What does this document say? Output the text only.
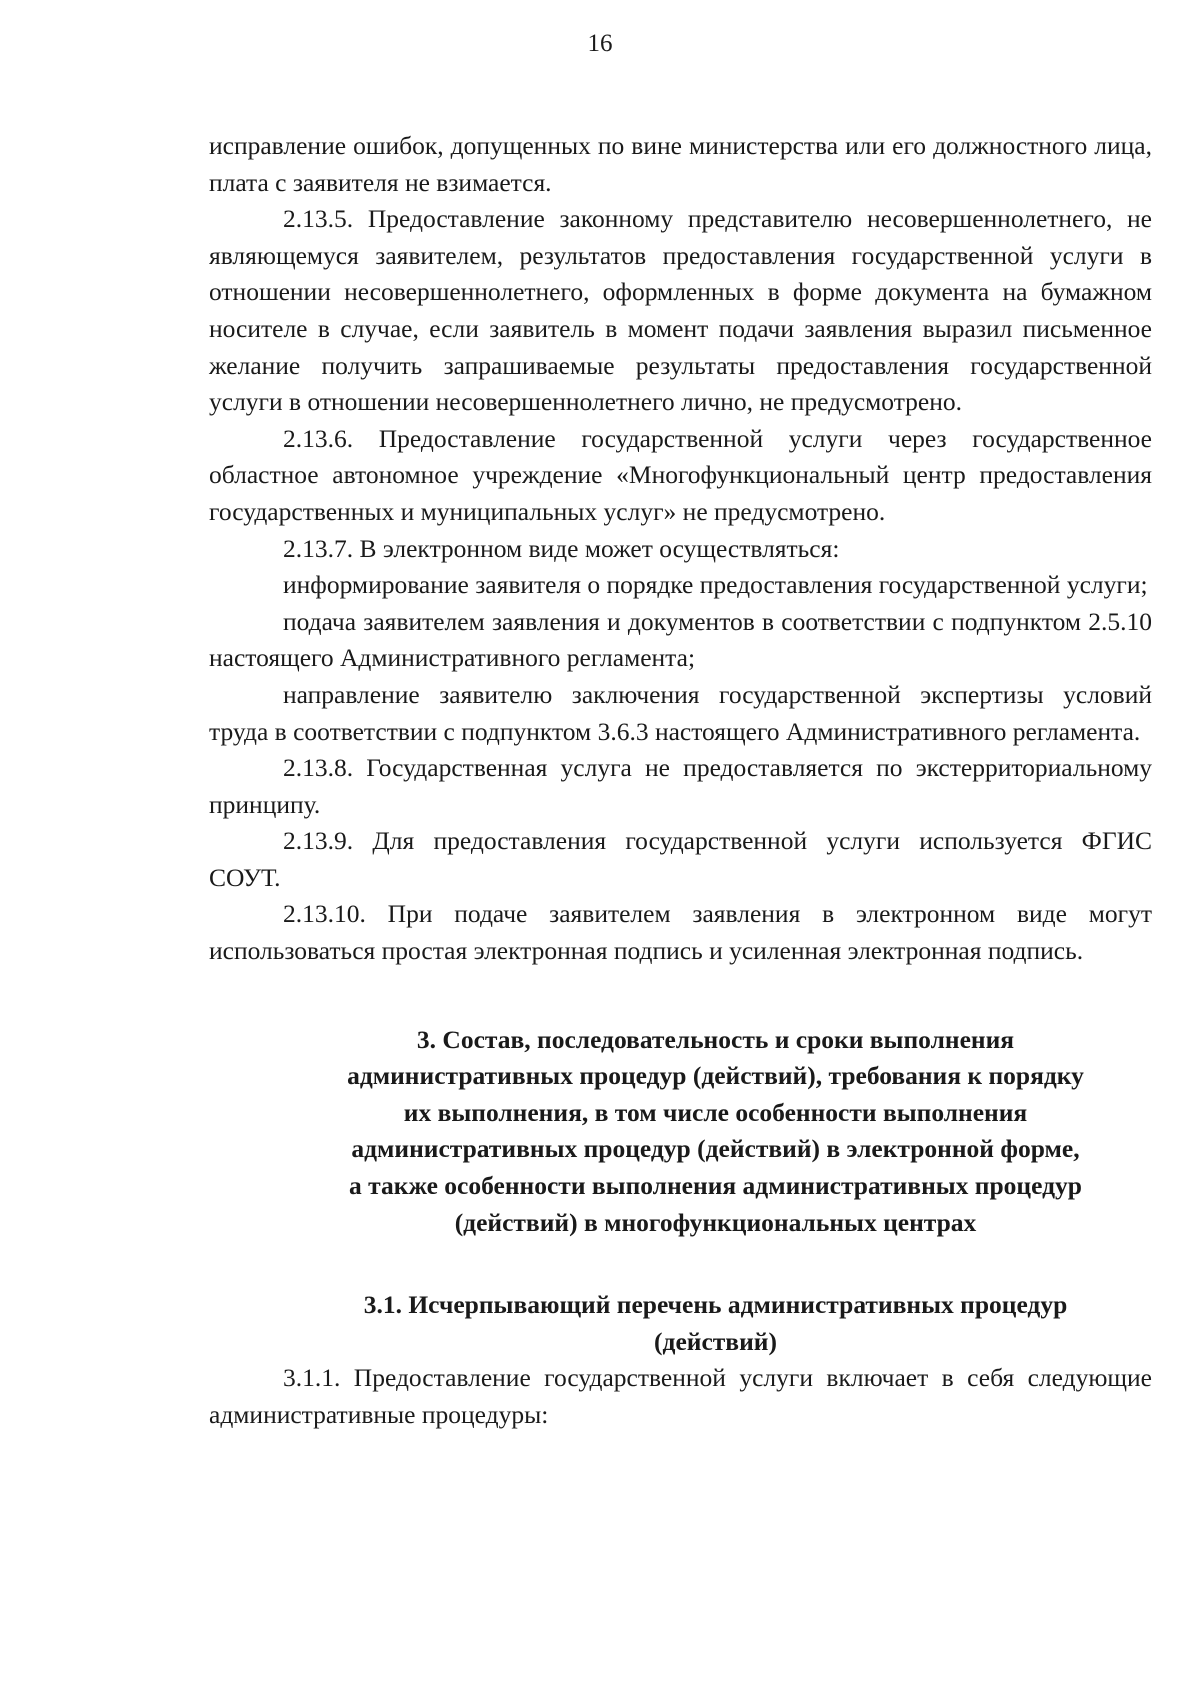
16

исправление ошибок, допущенных по вине министерства или его должностного лица, плата с заявителя не взимается.

2.13.5. Предоставление законному представителю несовершеннолетнего, не являющемуся заявителем, результатов предоставления государственной услуги в отношении несовершеннолетнего, оформленных в форме документа на бумажном носителе в случае, если заявитель в момент подачи заявления выразил письменное желание получить запрашиваемые результаты предоставления государственной услуги в отношении несовершеннолетнего лично, не предусмотрено.

2.13.6. Предоставление государственной услуги через государственное областное автономное учреждение «Многофункциональный центр предоставления государственных и муниципальных услуг» не предусмотрено.

2.13.7. В электронном виде может осуществляться:

информирование заявителя о порядке предоставления государственной услуги;

подача заявителем заявления и документов в соответствии с подпунктом 2.5.10 настоящего Административного регламента;

направление заявителю заключения государственной экспертизы условий труда в соответствии с подпунктом 3.6.3 настоящего Административного регламента.

2.13.8. Государственная услуга не предоставляется по экстерриториальному принципу.

2.13.9. Для предоставления государственной услуги используется ФГИС СОУТ.

2.13.10. При подаче заявителем заявления в электронном виде могут использоваться простая электронная подпись и усиленная электронная подпись.

3. Состав, последовательность и сроки выполнения
административных процедур (действий), требования к порядку
их выполнения, в том числе особенности выполнения
административных процедур (действий) в электронной форме,
а также особенности выполнения административных процедур
(действий) в многофункциональных центрах
3.1. Исчерпывающий перечень административных процедур
(действий)

3.1.1. Предоставление государственной услуги включает в себя следующие административные процедуры:
